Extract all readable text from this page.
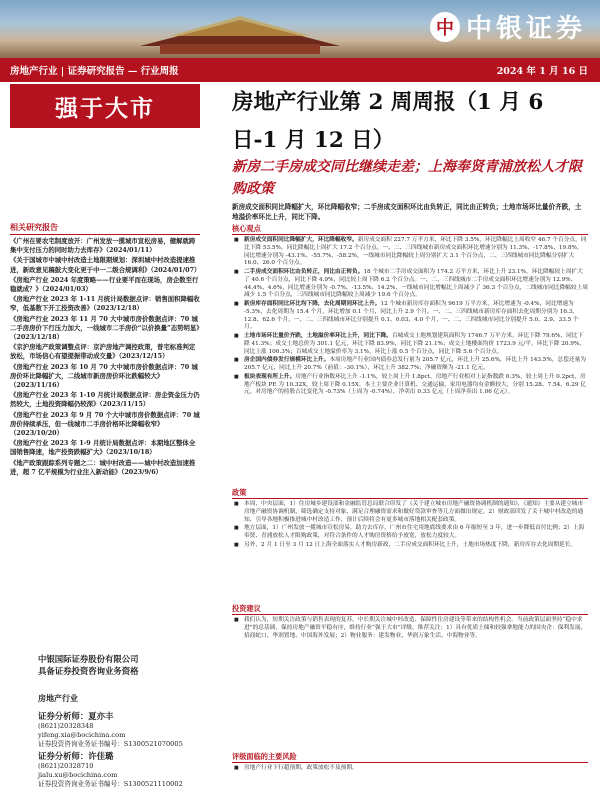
中 中银证券
房地产行业 | 证券研究报告 — 行业周报	2024 年 1 月 16 日
强于大市	房地产行业第 2 周周报（1 月 6 日-1 月 12 日）
新房二手房成交同比继续走差；上海奉贤青浦放松人才限购政策
新房成交面积同比降幅扩大，环比降幅收窄；二手房成交面积环比由负转正，同比由正转负；土地市场环比量价齐跌，土地溢价率环比上升，同比下降。
相关研究报告
《广州在要农宅制度放开：广州发放一揽城市宣松房易，健解就跨集中支付压力的同时助力去库存》（2024/01/11）
《关于国城市中城中村改造土地限期规划：深圳城中村改造提速推进，新政意见稿鼓大变化更于中一二级合规调利》（2024/01/07）
《房地产行业 2024 年度策略——行业要平而在现场，房企数至行稳就成？》（2024/01/03）
《房地产行业 2023 年 1-11 月统计局数据点评：销售面积降幅收窄，低基数下开工投资改善》（2023/12/18）
《房地产行业 2023 年 11 月 70 大中城市房价数据点评：70 城二手房房价下行压力加大，一线城市二手房价“以价换量”态势明显》（2023/12/18）
《京沪房地产政策调整点评：京沪房地产调控政策，普宅标准判定放松，市场信心有望提振带动成交量》（2023/12/15）
《房地产行业 2023 年 10 月 70 大中城市房价数据点评：70 城房价环比降幅扩大，二线城市新房房价环比跌幅较大》（2023/11/16）
《房地产行业 2023 年 1-10 月统计局数据点评：房企资金压力仍然较大，土地投资降幅仍较深》（2023/11/15）
《房地产行业 2023 年 9 月 70 个大中城市房价数据点评：70 城房价持续承压，但一线城市二手房价格环比降幅收窄》（2023/10/20）
《房地产行业 2023 年 1-9 月统计局数据点评：本期地区整体全国销售降速，地产投资跌幅扩大》（2023/10/18）
《地产政策跟踪系列专题之二：城中村改造——城中村改造加速推进，超 7 亿平规模为行业注入新动能》（2023/9/6）
中银国际证券股份有限公司
具备证券投资咨询业务资格
房地产行业
证券分析师：夏亦丰
(8621)20328348
yifeng.xia@bocichina.com
证券投资咨询业务证书编号：S1300521070005
证券分析师：许佳璐
(8621)20328710
jialu.xu@bocichina.com
证券投资咨询业务证书编号：S1300521110002
核心观点
■ 新房成交面积同比降幅扩大，环比降幅收窄。新房成交面积 227.7 万平方米，环比下降 3.5%，环比降幅比上周收窄 46.7 个百分点，同比下降 53.5%，同比降幅比上周扩大 17.2 个百分点。一、二、三四线城市新房成交面积环比增速分别为 11.3%、-17.8%、19.8%，同比增速分别为 -43.1%、-55.7%、-58.2%，一线城市同比降幅较上周分别扩大 3.1 个百分点，二、三四线城市同比降幅分别扩大 16.0、26.0 个百分点。
■ 二手房成交面积环比由负转正，同比由正转负。18 个城市二手房成交面积为 174.2 万平方米，环比上升 23.1%，环比降幅较上周扩大了 40.6 个百分点，同比下降 4.9%，同比较上周下降 6.2 个百分点。一、二、三四线城市二手房成交面积环比增速分别为 12.9%、44.4%、4.6%，同比增速分别为 -0.7%、-13.5%、14.2%，一线城市同比增幅比上周减少了 36.3 个百分点，二线城市同比降幅较上周减少 1.5 个百分点，三四线城市同比降幅较上周减少 19.6 个百分点。
■ 新房库存面积同比环比均下降，去化周期同环比上升。12 个城市新房库存面积为 9619 万平方米，环比增速为 -0.4%，同比增速为 -5.3%，去化周期为 15.4 个月，环比增加 0.1 个月，同比上升 2.9 个月。一、二、三四线城市新房库存面积去化周期分别为 16.3、12.8、62.6 个月，一、二、三四线城市环比分别提升 0.1、0.03、4.0 个月，一、二、三四线城市同比分别提升 5.0、2.9、33.5 个月。
■ 土地市场环比量价齐跌，土地溢价率环比上升，同比下降。百城成交土地规划建筑面积为 1746.7 万平方米，环比下降 79.6%，同比下降 41.3%；成交土地总价为 301.1 亿元，环比下降 83.9%，同比下降 21.1%；成交土地楼面均价 1723.9 元/平，环比下降 20.9%，同比上涨 106.3%；百城成交土地溢价率为 3.1%，环比上涨 0.5 个百分点，同比下降 5.6 个百分点。
■ 房企国内债券发行规模环比上升。本周房地产行业国内债券总发行量为 205.7 亿元，环比上升 25.6%，环比上升 143.5%，总偿还量为 205.7 亿元，同比上升 20.7%（前值：-30.1%），环比上升 382.7%；净融资额为 -21.1 亿元。
■ 板块表现有所上升。房地产行业指数环比上升 -1.1%，较上周上升 1.8pct，房地产行业相对上证指数跌 0.3%，较上周上升 0.2pct，房地产板块 PE 为 10.32X，较上周下降 0.15X。本土主要企业计算机、交通运输、家用电器均有金额较大，分别 15.28、7.54、6.29 亿元。对房地产的持股占比变化为 -0.73%（上周为 -0.74%），净卖出 0.33 亿元（上周净卖出 1.06 亿元）。
政策
■ 本周，中央层面，1）住房城乡建设部和金融监管总局联合印发了《关于建立城市房地产融资协调机制的通知》，《通知》主要从建立城市房地产融资协调机制、筛选确定支持对象、满足合理融资需求和做好贷款审查等几方面做出规定。2）财政部印发了关于城中村改造的通知，引导各地积极推进城中村改造工作，预计后续将会有更多城市落地相关配套政策。
■ 地方层面，1）广州发放一揽城市宣松房易，助力去库存，广州市住宅用地底线要求由 6 年缩短至 3 年，进一步降低首付比例；2）上海奉贤、青浦放松人才限购政策，对符合条件的人才购房资格给予放宽，放松力度较大。
■ 另外，2 月 1 日至 3 月 12 日上海全面落实人才购房新政，二手房成交面积环比上升，土地市场热度下降，新房库存去化周期延长。
投资建议
■ 我们认为，短期关注政策与销售表现的复苏，中长期关注城中村改造、保障性住房建设等带来的结构性机会。当前政策层面坚持“稳中求进”的总基调，保持房地产融资平稳有序，维持行业“强于大市”评级。推荐关注：1）具有优质土储和较强拿地能力的国央企：保利发展、招商蛇口、华润置地、中国海外发展；2）物业服务：建发物业、华润万象生活、中海物业等。
评级面临的主要风险
■ 房地产行业下行超预期，政策放松不及预期。
